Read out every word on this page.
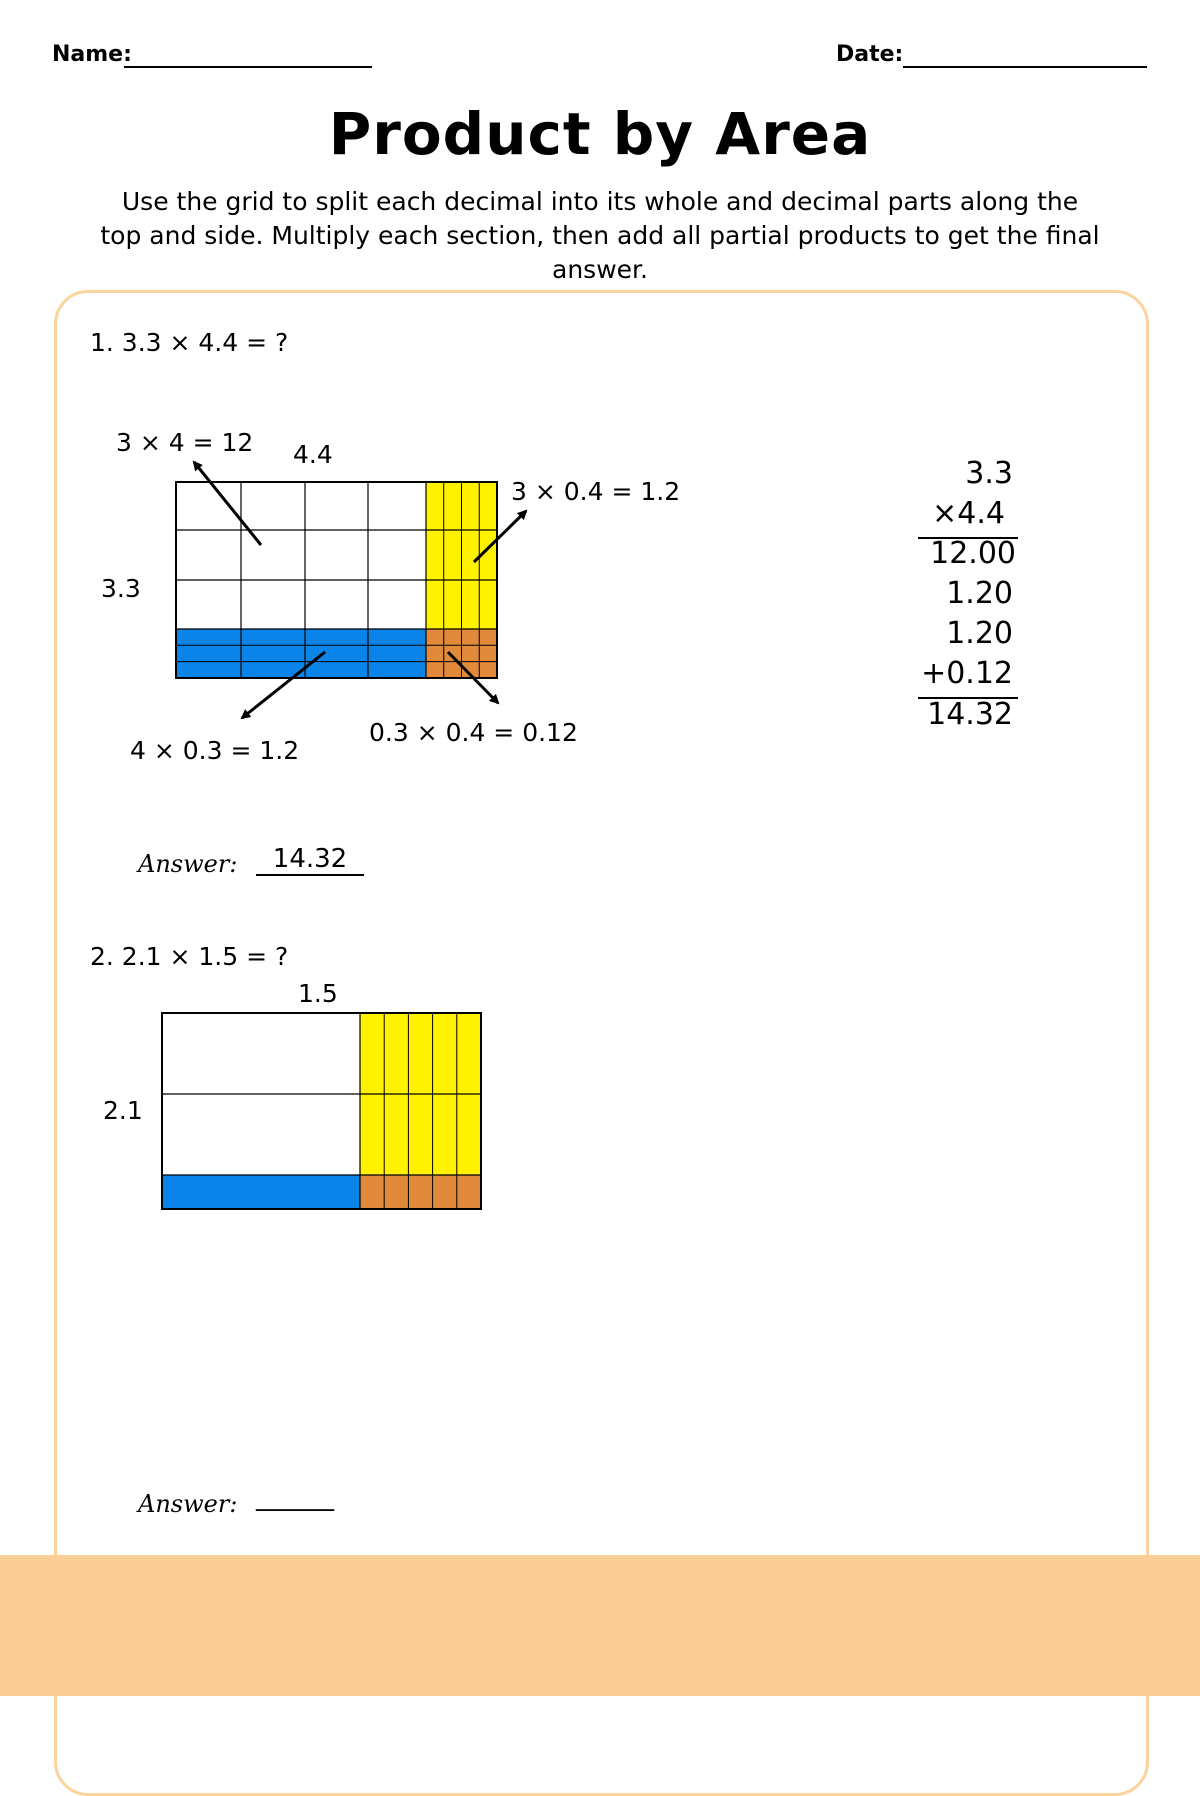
Name:	Date:
Product by Area
Use the grid to split each decimal into its whole and decimal parts along the top and side. Multiply each section, then add all partial products to get the final answer.
1. 3.3 × 4.4 = ?
3 × 4 = 12 4.4
3 × 0.4 = 1.2
3.3
4 × 0.3 = 1.2
0.3 × 0.4 = 0.12
3.3
×4.4
12.00
1.20
1.20
+0.12
14.32
Answer:	14.32
2. 2.1 × 1.5 = ?
1.5
2.1
Answer: ______
